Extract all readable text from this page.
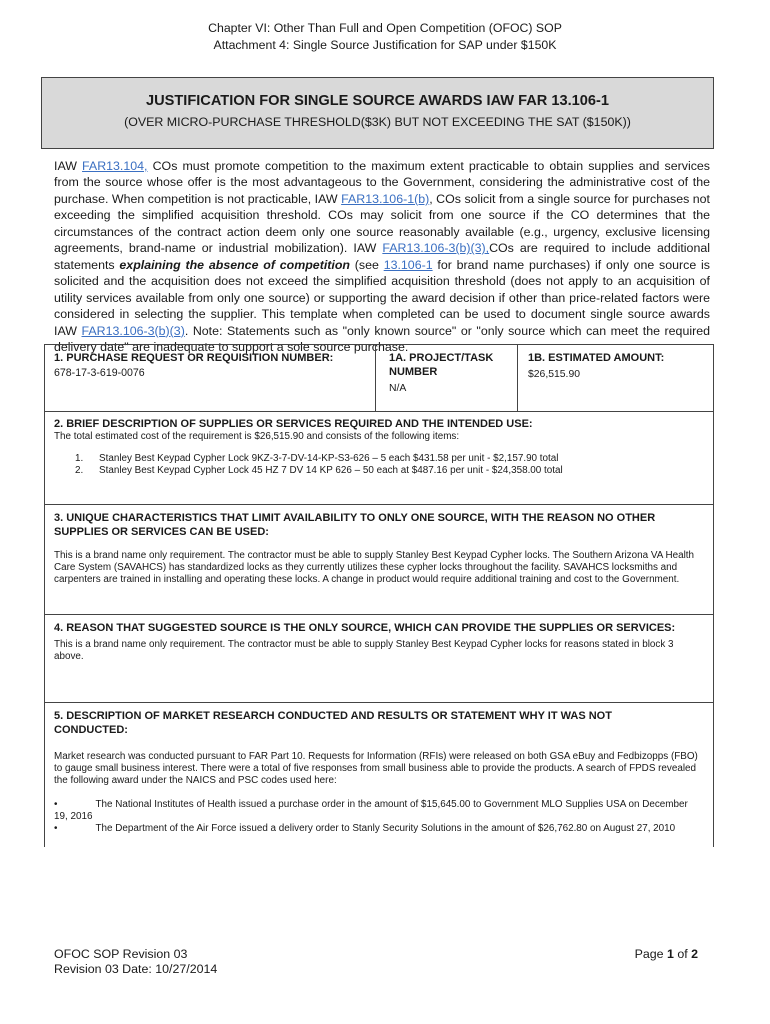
Chapter VI: Other Than Full and Open Competition (OFOC) SOP
Attachment 4: Single Source Justification for SAP under $150K
JUSTIFICATION FOR SINGLE SOURCE AWARDS IAW FAR 13.106-1
(OVER MICRO-PURCHASE THRESHOLD($3K) BUT NOT EXCEEDING THE SAT ($150K))
IAW FAR13.104, COs must promote competition to the maximum extent practicable to obtain supplies and services from the source whose offer is the most advantageous to the Government, considering the administrative cost of the purchase. When competition is not practicable, IAW FAR13.106-1(b), COs solicit from a single source for purchases not exceeding the simplified acquisition threshold. COs may solicit from one source if the CO determines that the circumstances of the contract action deem only one source reasonably available (e.g., urgency, exclusive licensing agreements, brand-name or industrial mobilization). IAW FAR13.106-3(b)(3),COs are required to include additional statements explaining the absence of competition (see 13.106-1 for brand name purchases) if only one source is solicited and the acquisition does not exceed the simplified acquisition threshold (does not apply to an acquisition of utility services available from only one source) or supporting the award decision if other than price-related factors were considered in selecting the supplier. This template when completed can be used to document single source awards IAW FAR13.106-3(b)(3). Note: Statements such as "only known source" or "only source which can meet the required delivery date" are inadequate to support a sole source purchase.
1. PURCHASE REQUEST OR REQUISITION NUMBER:
678-17-3-619-0076
1A. PROJECT/TASK
NUMBER
N/A
1B. ESTIMATED AMOUNT:
$26,515.90
2. BRIEF DESCRIPTION OF SUPPLIES OR SERVICES REQUIRED AND THE INTENDED USE:
The total estimated cost of the requirement is $26,515.90 and consists of the following items:
1. Stanley Best Keypad Cypher Lock 9KZ-3-7-DV-14-KP-S3-626 – 5 each $431.58 per unit - $2,157.90 total
2. Stanley Best Keypad Cypher Lock 45 HZ 7 DV 14 KP 626 – 50 each at $487.16 per unit - $24,358.00 total
3. UNIQUE CHARACTERISTICS THAT LIMIT AVAILABILITY TO ONLY ONE SOURCE, WITH THE REASON NO OTHER SUPPLIES OR SERVICES CAN BE USED:
This is a brand name only requirement. The contractor must be able to supply Stanley Best Keypad Cypher locks. The Southern Arizona VA Health Care System (SAVAHCS) has standardized locks as they currently utilizes these cypher locks throughout the facility. SAVAHCS locksmiths and carpenters are trained in installing and operating these locks. A change in product would require additional training and cost to the Government.
4. REASON THAT SUGGESTED SOURCE IS THE ONLY SOURCE, WHICH CAN PROVIDE THE SUPPLIES OR SERVICES:
This is a brand name only requirement. The contractor must be able to supply Stanley Best Keypad Cypher locks for reasons stated in block 3 above.
5. DESCRIPTION OF MARKET RESEARCH CONDUCTED AND RESULTS OR STATEMENT WHY IT WAS NOT CONDUCTED:
Market research was conducted pursuant to FAR Part 10. Requests for Information (RFIs) were released on both GSA eBuy and Fedbizopps (FBO) to gauge small business interest. There were a total of five responses from small business able to provide the products. A search of FPDS revealed the following award under the NAICS and PSC codes used here:
•	The National Institutes of Health issued a purchase order in the amount of $15,645.00 to Government MLO Supplies USA on December 19, 2016
•	The Department of the Air Force issued a delivery order to Stanly Security Solutions in the amount of $26,762.80 on August 27, 2010
OFOC SOP Revision 03
Revision 03 Date: 10/27/2014
Page 1 of 2
